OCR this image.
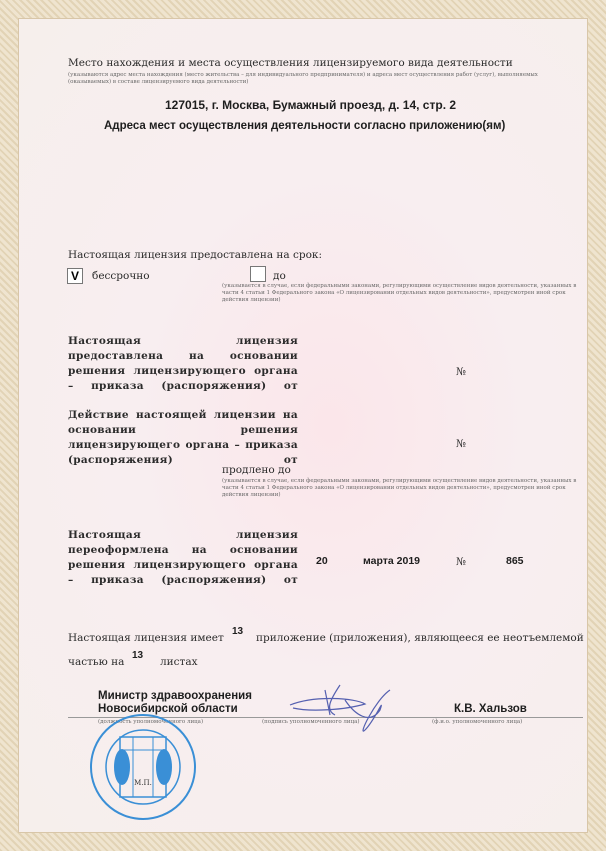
Место нахождения и места осуществления лицензируемого вида деятельности
(указываются адрес места нахождения (место жительства – для индивидуального предпринимателя) и адреса мест осуществления работ (услуг), выполняемых (оказываемых) в составе лицензируемого вида деятельности)
127015, г. Москва, Бумажный проезд, д. 14, стр. 2
Адреса мест осуществления деятельности согласно приложению(ям)
Настоящая лицензия предоставлена на срок:
V	бессрочно	до
(указывается в случае, если федеральными законами, регулирующими осуществление видов деятельности, указанных в части 4 статьи 1 Федерального закона «О лицензировании отдельных видов деятельности», предусмотрен иной срок действия лицензии)
Настоящая лицензия предоставлена на основании решения лицензирующего органа – приказа (распоряжения) от
№
Действие настоящей лицензии на основании решения лицензирующего органа – приказа (распоряжения) от
№
продлено до
(указывается в случае, если федеральными законами, регулирующими осуществление видов деятельности, указанных в части 4 статьи 1 Федерального закона «О лицензировании отдельных видов деятельности», предусмотрен иной срок действия лицензии)
Настоящая лицензия переоформлена на основании решения лицензирующего органа – приказа (распоряжения) от
20	марта 2019	№	865
Настоящая лицензия имеет
13
приложение (приложения), являющееся ее неотъемлемой
частью на
13
листах
Министр здравоохранения Новосибирской области
(должность уполномоченного лица)	(подпись уполномоченного лица)
К.В. Хальзов
(ф.и.о. уполномоченного лица)
М.П.
